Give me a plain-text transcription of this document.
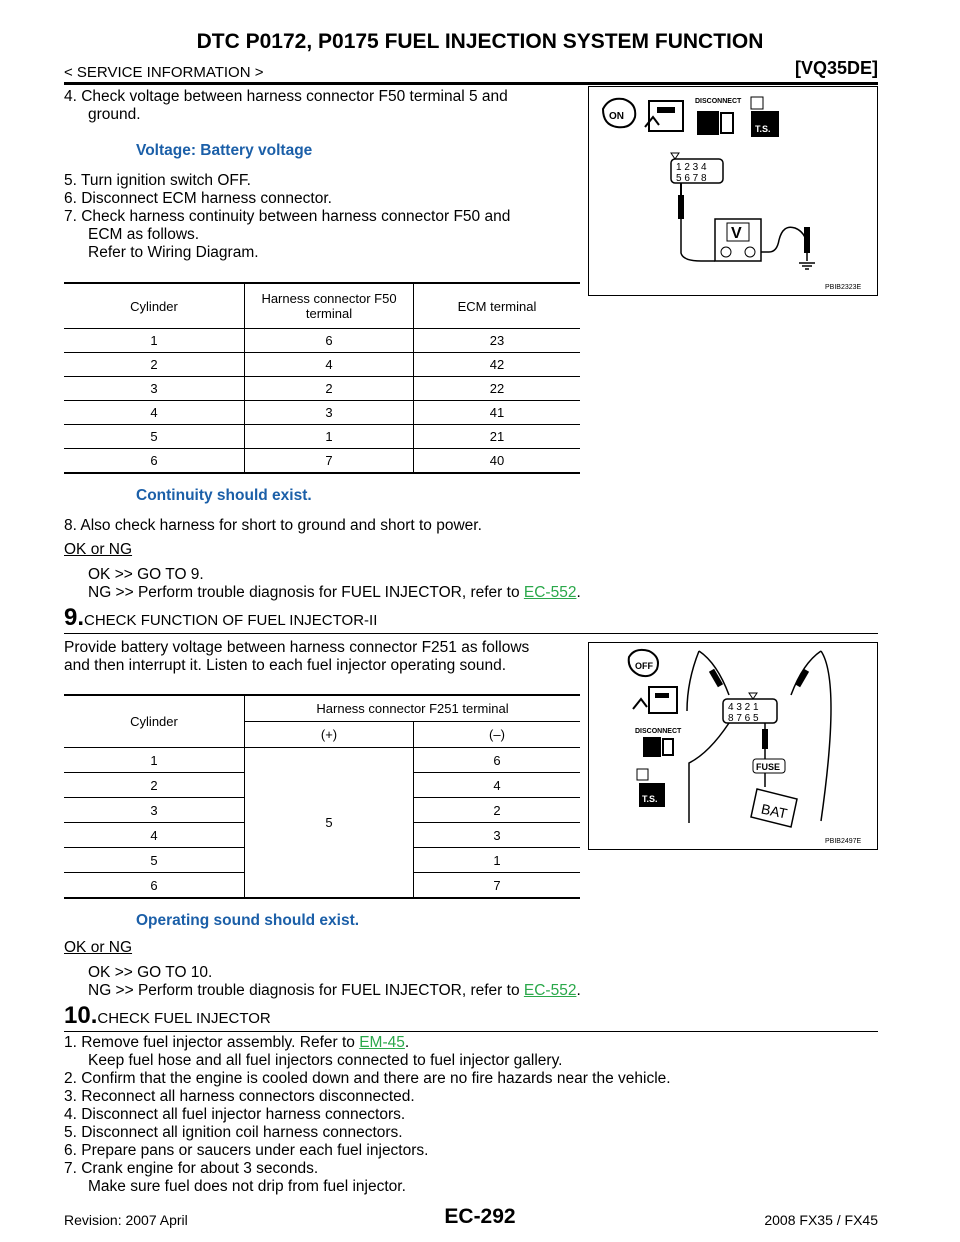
DTC P0172, P0175 FUEL INJECTION SYSTEM FUNCTION
< SERVICE INFORMATION >	[VQ35DE]
4. Check voltage between harness connector F50 terminal 5 and
ground.
Voltage: Battery voltage
5. Turn ignition switch OFF.
6. Disconnect ECM harness connector.
7. Check harness continuity between harness connector F50 and
ECM as follows.
Refer to Wiring Diagram.
ON
DISCONNECT
T.S.
1 2 3 4
5 6 7 8
V
PBIB2323E
Cylinder	Harness connector F50
terminal	ECM terminal
1	6	23
2	4	42
3	2	22
4	3	41
5	1	21
6	7	40
Continuity should exist.
8. Also check harness for short to ground and short to power.
OK or NG
OK >> GO TO 9.
NG >> Perform trouble diagnosis for FUEL INJECTOR, refer to EC-552.
9.CHECK FUNCTION OF FUEL INJECTOR-II
Provide battery voltage between harness connector F251 as follows
and then interrupt it. Listen to each fuel injector operating sound.	OFF
DISCONNECT
T.S.
4 3 2 1
8 7 6 5
FUSE
BAT
PBIB2497E
Cylinder	Harness connector F251 terminal	
	(+)	(–)
1	5	6
2		4
3		2
4		3
5		1
6		7
Operating sound should exist.
OK or NG
OK >> GO TO 10.
NG >> Perform trouble diagnosis for FUEL INJECTOR, refer to EC-552.
10.CHECK FUEL INJECTOR
1. Remove fuel injector assembly. Refer to EM-45.
Keep fuel hose and all fuel injectors connected to fuel injector gallery.
2. Confirm that the engine is cooled down and there are no fire hazards near the vehicle.
3. Reconnect all harness connectors disconnected.
4. Disconnect all fuel injector harness connectors.
5. Disconnect all ignition coil harness connectors.
6. Prepare pans or saucers under each fuel injectors.
7. Crank engine for about 3 seconds.
Make sure fuel does not drip from fuel injector.
EC-292
Revision: 2007 April	2008 FX35 / FX45
